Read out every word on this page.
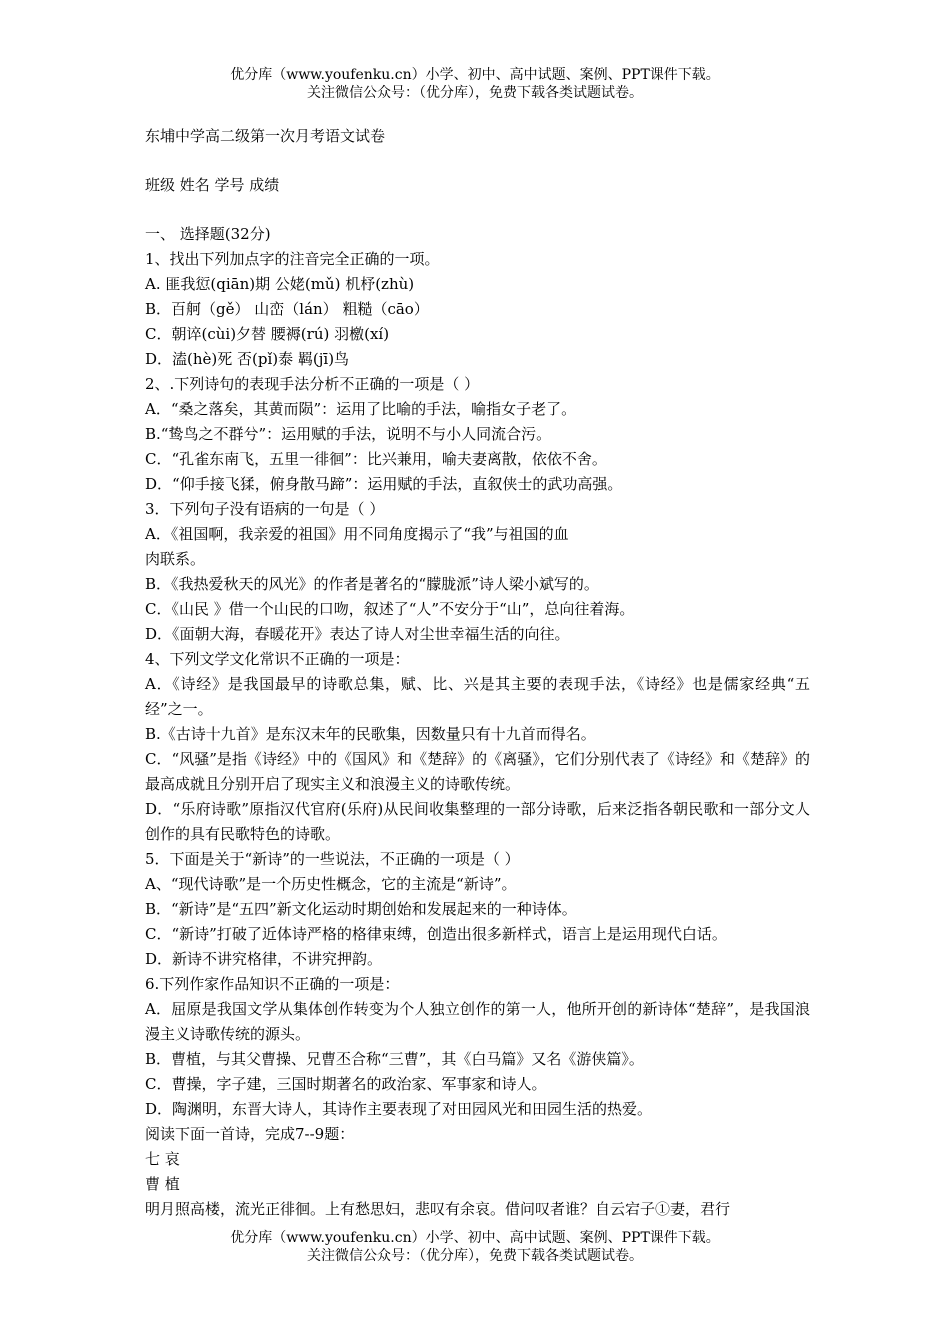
优分库（www.youfenku.cn）小学、初中、高中试题、案例、PPT课件下载。
关注微信公众号：（优分库），免费下载各类试题试卷。

东埔中学高二级第一次月考语文试卷

班级 姓名 学号 成绩

一、 选择题(32分)

1、找出下列加点字的注音完全正确的一项。

A. 匪我愆(qiān)期 公姥(mǔ) 机杼(zhù)

B．百舸（gě） 山峦（lán） 粗糙（cāo）

C．朝谇(cùi)夕替 腰褥(rú) 羽檄(xí)

D．溘(hè)死 否(pǐ)泰 羁(jī)鸟

2、.下列诗句的表现手法分析不正确的一项是（ ）

A．“桑之落矣，其黄而陨”：运用了比喻的手法，喻指女子老了。

B.“鸷鸟之不群兮”：运用赋的手法，说明不与小人同流合污。

C．“孔雀东南飞，五里一徘徊”：比兴兼用，喻夫妻离散，依依不舍。

D．“仰手接飞猱，俯身散马蹄”：运用赋的手法，直叙侠士的武功高强。

3．下列句子没有语病的一句是（ ）

A．《祖国啊，我亲爱的祖国》用不同角度揭示了“我”与祖国的血

肉联系。

B．《我热爱秋天的风光》的作者是著名的“朦胧派”诗人梁小斌写的。

C．《山民 》借一个山民的口吻，叙述了“人”不安分于“山”，总向往着海。

D．《面朝大海，春暖花开》表达了诗人对尘世幸福生活的向往。

4、下列文学文化常识不正确的一项是：

A．《诗经》是我国最早的诗歌总集，赋、比、兴是其主要的表现手法，《诗经》也是儒家经典“五经”之一。

B.《古诗十九首》是东汉末年的民歌集，因数量只有十九首而得名。

C．“风骚”是指《诗经》中的《国风》和《楚辞》的《离骚》，它们分别代表了《诗经》和《楚辞》的最高成就且分别开启了现实主义和浪漫主义的诗歌传统。

D．“乐府诗歌”原指汉代官府(乐府)从民间收集整理的一部分诗歌，后来泛指各朝民歌和一部分文人创作的具有民歌特色的诗歌。

5．下面是关于“新诗”的一些说法，不正确的一项是（ ）

A、“现代诗歌”是一个历史性概念，它的主流是“新诗”。

B．“新诗”是“五四”新文化运动时期创始和发展起来的一种诗体。

C．“新诗”打破了近体诗严格的格律束缚，创造出很多新样式，语言上是运用现代白话。

D．新诗不讲究格律，不讲究押韵。

6.下列作家作品知识不正确的一项是：

A．屈原是我国文学从集体创作转变为个人独立创作的第一人，他所开创的新诗体“楚辞”，是我国浪漫主义诗歌传统的源头。

B．曹植，与其父曹操、兄曹丕合称“三曹”，其《白马篇》又名《游侠篇》。

C．曹操，字子建，三国时期著名的政治家、军事家和诗人。

D．陶渊明，东晋大诗人，其诗作主要表现了对田园风光和田园生活的热爱。

阅读下面一首诗，完成7--9题：

七 哀

曹 植

明月照高楼，流光正徘徊。上有愁思妇，悲叹有余哀。借问叹者谁？自云宕子①妻，君行

优分库（www.youfenku.cn）小学、初中、高中试题、案例、PPT课件下载。
关注微信公众号：（优分库），免费下载各类试题试卷。
